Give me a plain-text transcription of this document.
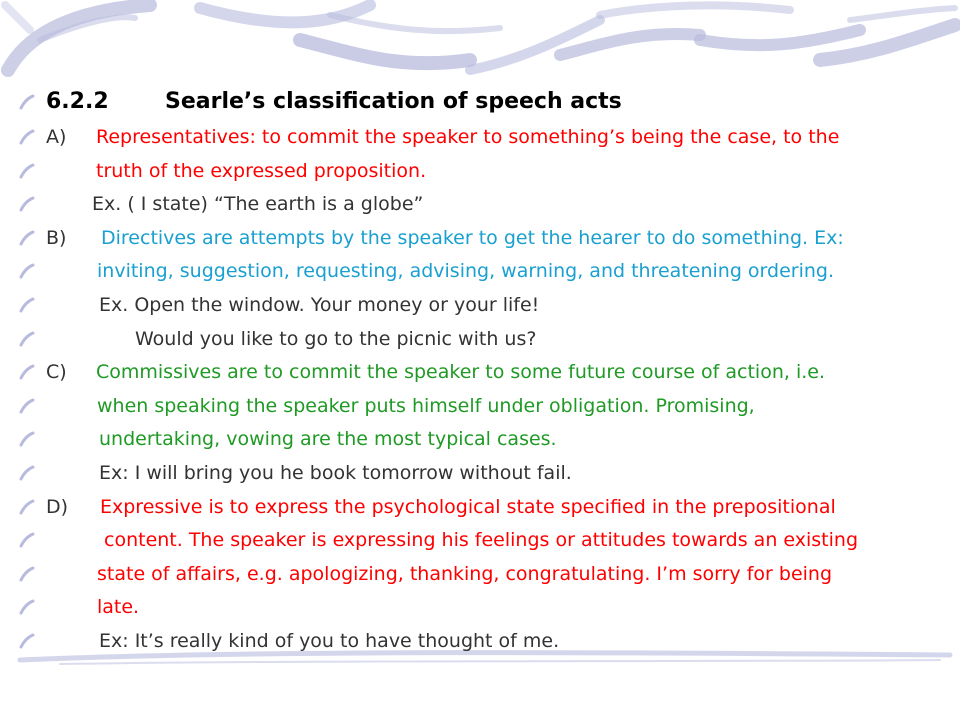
6.2.2	Searle’s classification of speech acts
A) Representatives: to commit the speaker to something’s being the case, to the
truth of the expressed proposition.
Ex. ( I state) “The earth is a globe”
B) Directives are attempts by the speaker to get the hearer to do something. Ex:
inviting, suggestion, requesting, advising, warning, and threatening ordering.
Ex. Open the window. Your money or your life!
Would you like to go to the picnic with us?
C) Commissives are to commit the speaker to some future course of action, i.e.
when speaking the speaker puts himself under obligation. Promising,
undertaking, vowing are the most typical cases.
Ex: I will bring you he book tomorrow without fail.
D) Expressive is to express the psychological state specified in the prepositional
content. The speaker is expressing his feelings or attitudes towards an existing
state of affairs, e.g. apologizing, thanking, congratulating. I’m sorry for being
late.
Ex: It’s really kind of you to have thought of me.
